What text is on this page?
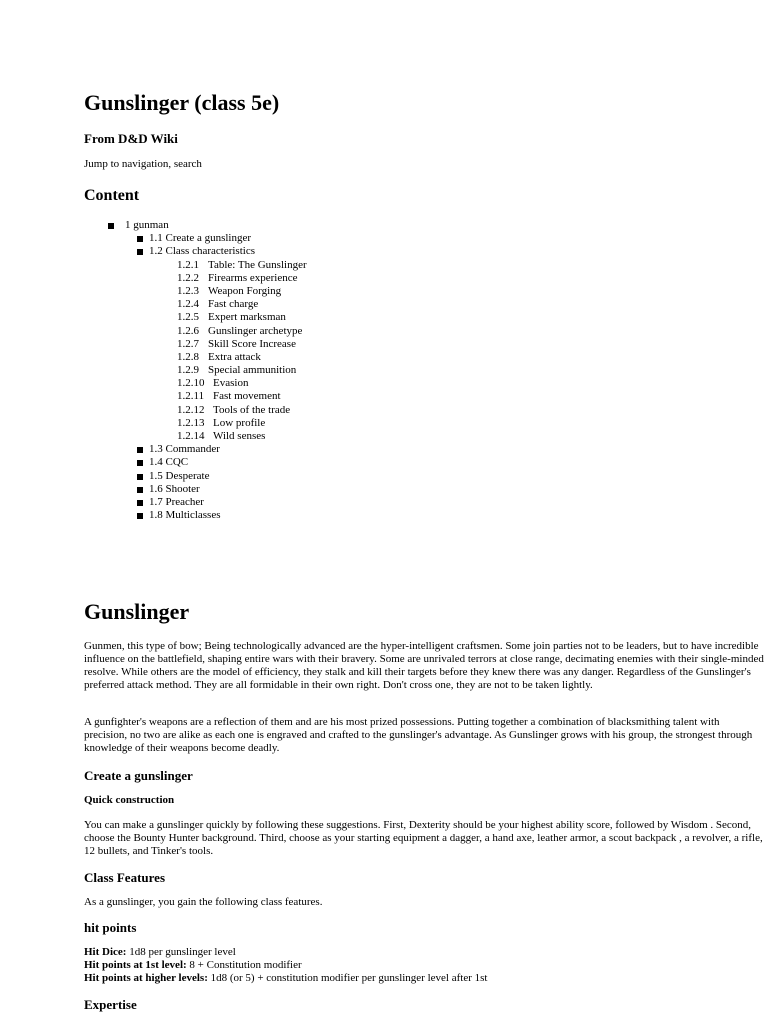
Gunslinger (class 5e)
From D&D Wiki
Jump to navigation, search
Content
1 gunman
1.1 Create a gunslinger
1.2 Class characteristics
1.2.1 Table: The Gunslinger
1.2.2 Firearms experience
1.2.3 Weapon Forging
1.2.4 Fast charge
1.2.5 Expert marksman
1.2.6 Gunslinger archetype
1.2.7 Skill Score Increase
1.2.8 Extra attack
1.2.9 Special ammunition
1.2.10 Evasion
1.2.11 Fast movement
1.2.12 Tools of the trade
1.2.13 Low profile
1.2.14 Wild senses
1.3 Commander
1.4 CQC
1.5 Desperate
1.6 Shooter
1.7 Preacher
1.8 Multiclasses
Gunslinger

Gunmen, this type of bow; Being technologically advanced are the hyper-intelligent craftsmen. Some join parties not to be leaders, but to have incredible influence on the battlefield, shaping entire wars with their bravery. Some are unrivaled terrors at close range, decimating enemies with their single-minded resolve. While others are the model of efficiency, they stalk and kill their targets before they knew there was any danger. Regardless of the Gunslinger's preferred attack method. They are all formidable in their own right. Don't cross one, they are not to be taken lightly.

A gunfighter's weapons are a reflection of them and are his most prized possessions. Putting together a combination of blacksmithing talent with precision, no two are alike as each one is engraved and crafted to the gunslinger's advantage. As Gunslinger grows with his group, the strongest through knowledge of their weapons become deadly.

Create a gunslinger
Quick construction

You can make a gunslinger quickly by following these suggestions. First, Dexterity should be your highest ability score, followed by Wisdom . Second, choose the Bounty Hunter background. Third, choose as your starting equipment a dagger, a hand axe, leather armor, a scout backpack , a revolver, a rifle, 12 bullets, and Tinker's tools.

Class Features

As a gunslinger, you gain the following class features.

hit points
Hit Dice: 1d8 per gunslinger level
Hit points at 1st level: 8 + Constitution modifier
Hit points at higher levels: 1d8 (or 5) + constitution modifier per gunslinger level after 1st
Expertise
